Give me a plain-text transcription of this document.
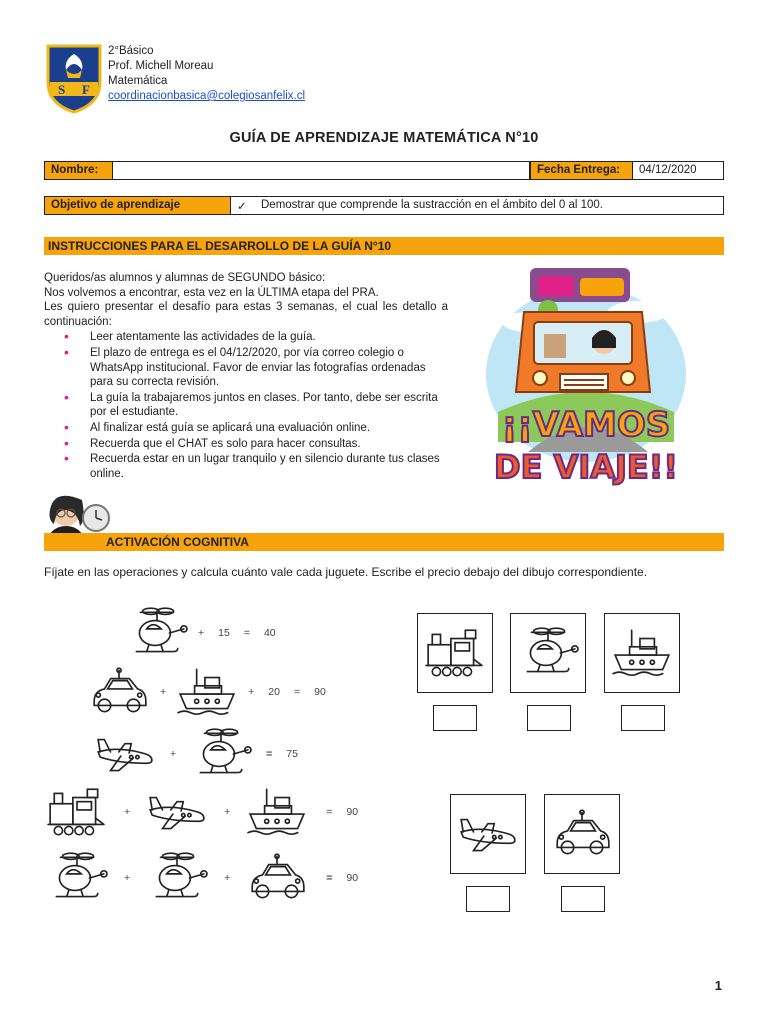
S F
2°Básico
Prof. Michell Moreau
Matemática
coordinacionbasica@colegiosanfelix.cl
GUÍA DE APRENDIZAJE MATEMÁTICA N°10
Nombre:	Fecha Entrega:	04/12/2020
Objetivo de aprendizaje	✓	Demostrar que comprende la sustracción en el ámbito del 0 al 100.
INSTRUCCIONES PARA EL DESARROLLO DE LA GUÍA N°10

Queridos/as alumnos y alumnas de SEGUNDO básico:

Nos volvemos a encontrar, esta vez en la ÚLTIMA etapa del PRA.

Les quiero presentar el desafío para estas 3 semanas, el cual les detallo a continuación:

• Leer atentamente las actividades de la guía.
• El plazo de entrega es el 04/12/2020, por vía correo colegio o WhatsApp institucional. Favor de enviar las fotografías ordenadas para su correcta revisión.
• La guía la trabajaremos juntos en clases. Por tanto, debe ser escrita por el estudiante.
• Al finalizar está guía se aplicará una evaluación online.
• Recuerda que el CHAT es solo para hacer consultas.
• Recuerda estar en un lugar tranquilo y en silencio durante tus clases online.
¡¡VAMOS
DE VIAJE!!
ACTIVACIÓN COGNITIVA
Fíjate en las operaciones y calcula cuánto vale cada juguete. Escribe el precio debajo del dibujo correspondiente.
+ 15 = 40
+	+ 20 = 90
+	= 75
+	+	= 90
+	+	= 90
1
